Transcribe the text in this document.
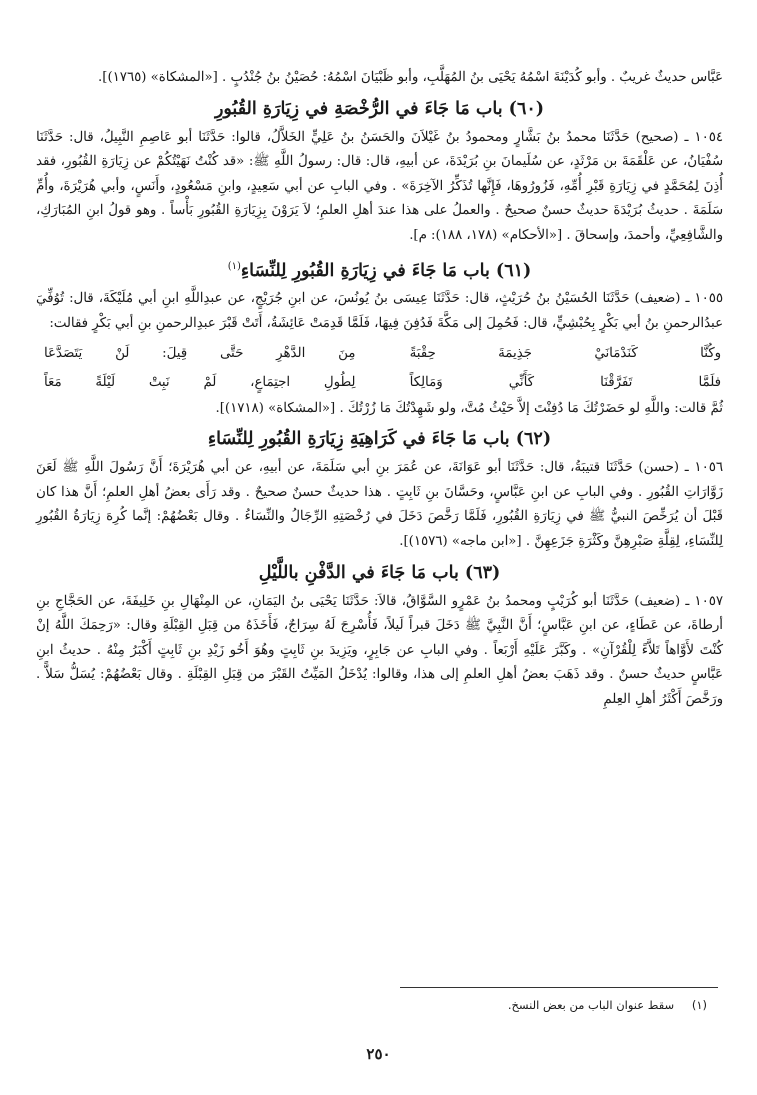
عَبَّاس حديثٌ غريبٌ . وأبو كُدَيْنَةَ اسْمُهُ يَحْيَى بنُ المُهَلَّبِ، وأبو ظَبْيَانَ اسْمُهُ: حُصَيْنُ بنُ جُنْدُبٍ . [«المشكاة» (١٧٦٥)].

(٦٠) باب مَا جَاءَ في الرُّخْصَةِ في زِيَارَةِ القُبُورِ

١٠٥٤ ـ (صحيح) حَدَّثَنَا محمدُ بنُ بَشَّارٍ ومحمودُ بنُ غَيْلاَنَ والحَسَنُ بنُ عَلِيٍّ الخَلاَّلُ، قالوا: حَدَّثَنَا أبو عَاصِمِ النَّبِيلُ، قال: حَدَّثَنَا سُفْيَانُ، عن عَلْقَمَةَ بن مَرْثَدٍ، عن سُلَيمانَ بنِ بُرَيْدَةَ، عن أبيهِ، قال: قال: رسولُ اللَّهِ ﷺ: «قد كُنْتُ نَهَيْتُكُمْ عن زِيَارَةِ القُبُورِ، فقد أُذِنَ لِمُحَمَّدٍ في زِيَارَةِ قَبْرِ أُمِّهِ، فَزُورُوهَا، فَإِنَّها تُذَكِّرُ الآخِرَةَ» . وفي البابِ عن أبي سَعِيدٍ، وابنِ مَسْعُودٍ، وأَنَسٍ، وأبي هُرَيْرَةَ، وأُمِّ سَلَمَةَ . حديثُ بُرَيْدَةَ حديثٌ حسنٌ صحيحٌ . والعملُ على هذا عندَ أهلِ العلمِ؛ لاَ يَرَوْنَ بِزِيَارَةِ القُبُورِ بَأْساً . وهو قولُ ابنِ المُبَارَكِ، والشَّافِعِيِّ، وأحمدَ، وإسحاقَ . [«الأحكام» (١٧٨، ١٨٨): م].

(٦١) باب مَا جَاءَ في زِيَارَةِ القُبُورِ لِلنِّسَاءِ$^{(١)}$

١٠٥٥ ـ (ضعيف) حَدَّثَنَا الحُسَيْنُ بنُ حُرَيْثٍ، قال: حَدَّثَنَا عِيسَى بنُ يُونُسَ، عن ابنِ جُرَيْجٍ، عن عبدِاللَّهِ ابنِ أبي مُلَيْكَةَ، قال: تُوُفِّيَ عبدُالرحمنِ بنُ أبي بَكْرٍ بِحُبْشِيٍّ، قال: فَحُمِلَ إلى مَكَّةَ فَدُفِنَ فِيهَا، فَلَمَّا قَدِمَتْ عَائِشَةُ، أَتَتْ قَبْرَ عبدِالرحمنِ بنِ أبي بَكْرٍ فقالت:

وكُنَّا كَنَدْمَانَيْ جَذِيمَةَ حِقْبَةً
مِنَ الدَّهْرِ حَتَّى قِيلَ: لَنْ يَتَصَدَّعَا
فلَمَّا تَفَرَّقْنَا كَأَنِّي وَمَالِكاً
لِطُولِ اجتِمَاعٍ، لَمْ نَبِتْ لَيْلَةً مَعَاً

ثُمَّ قالت: واللَّهِ لو حَضَرْتُكَ مَا دُفِنْتَ إلاَّ حَيْثُ مُتَّ، ولو شَهِدْتُكَ مَا زُرْتُكَ . [«المشكاة» (١٧١٨)].

(٦٢) باب مَا جَاءَ في كَرَاهِيَةِ زِيَارَةِ القُبُورِ لِلنِّسَاءِ

١٠٥٦ ـ (حسن) حَدَّثَنَا قتيبَةُ، قال: حَدَّثَنَا أبو عَوَانَةَ، عن عُمَرَ بنِ أبي سَلَمَةَ، عن أبيهِ، عن أبي هُرَيْرَةَ؛ أَنَّ رَسُولَ اللَّهِ ﷺ لَعَنَ زَوَّارَاتِ القُبُورِ . وفي البابِ عن ابنِ عَبَّاسٍ، وحَسَّانَ بنِ ثَابِتٍ . هذا حديثٌ حسنٌ صحيحٌ . وقد رَأَى بعضُ أهلِ العلمِ؛ أَنَّ هذا كان قَبْلَ أن يُرَخِّصَ النبيُّ ﷺ في زِيَارَةِ القُبُورِ، فَلَمَّا رَخَّصَ دَخَلَ في رُخْصَتِهِ الرِّجَالُ والنِّسَاءُ . وقال بَعْضُهُمْ: إنَّما كُرِهَ زِيَارَةُ القُبُورِ لِلنِّسَاءِ، لِقِلَّةِ صَبْرِهِنَّ وكَثْرَةِ جَزَعِهِنَّ . [«ابن ماجه» (١٥٧٦)].

(٦٣) باب مَا جَاءَ في الدَّفْنِ باللَّيْلِ

١٠٥٧ ـ (ضعيف) حَدَّثَنَا أبو كُرَيْبٍ ومحمدُ بنُ عَمْرٍو السَّوَّاقُ، قالاَ: حَدَّثَنَا يَحْيَى بنُ اليَمَانِ، عن المِنْهَالِ بنِ خَلِيفَةَ، عن الحَجَّاجِ بنِ أرطاةَ، عن عَطَاءٍ، عن ابنِ عَبَّاسٍ؛ أَنَّ النَّبِيَّ ﷺ دَخَلَ قبراً لَيلاً، فَأُسْرِجَ لَهُ سِرَاجٌ، فَأَخَذَهُ من قِبَلِ القِبْلَةِ وقال: «رَحِمَكَ اللَّهُ إنْ كُنْتَ لأَوَّاهاً تَلاَّءً لِلْقُرْآنِ» . وكَبَّرَ عَلَيْهِ أَرْبَعاً . وفي البابِ عن جَابِرٍ، ويَزِيدَ بنِ ثَابِتٍ وهُوَ أَخُو زَيْدِ بنِ ثَابِتٍ أَكْبَرُ مِنْهُ . حديثُ ابنِ عَبَّاسٍ حديثٌ حسنٌ . وقد ذَهَبَ بعضُ أهلِ العلمِ إلى هذا، وقالوا: يُدْخَلُ المَيِّتُ القَبْرَ من قِبَلِ القِبْلَةِ . وقال بَعْضُهُمْ: يُسَلُّ سَلاًّ . ورَخَّصَ أَكْثَرُ أهلِ العِلمِ

(١) سقط عنوان الباب من بعض النسخ.
٢٥٠
